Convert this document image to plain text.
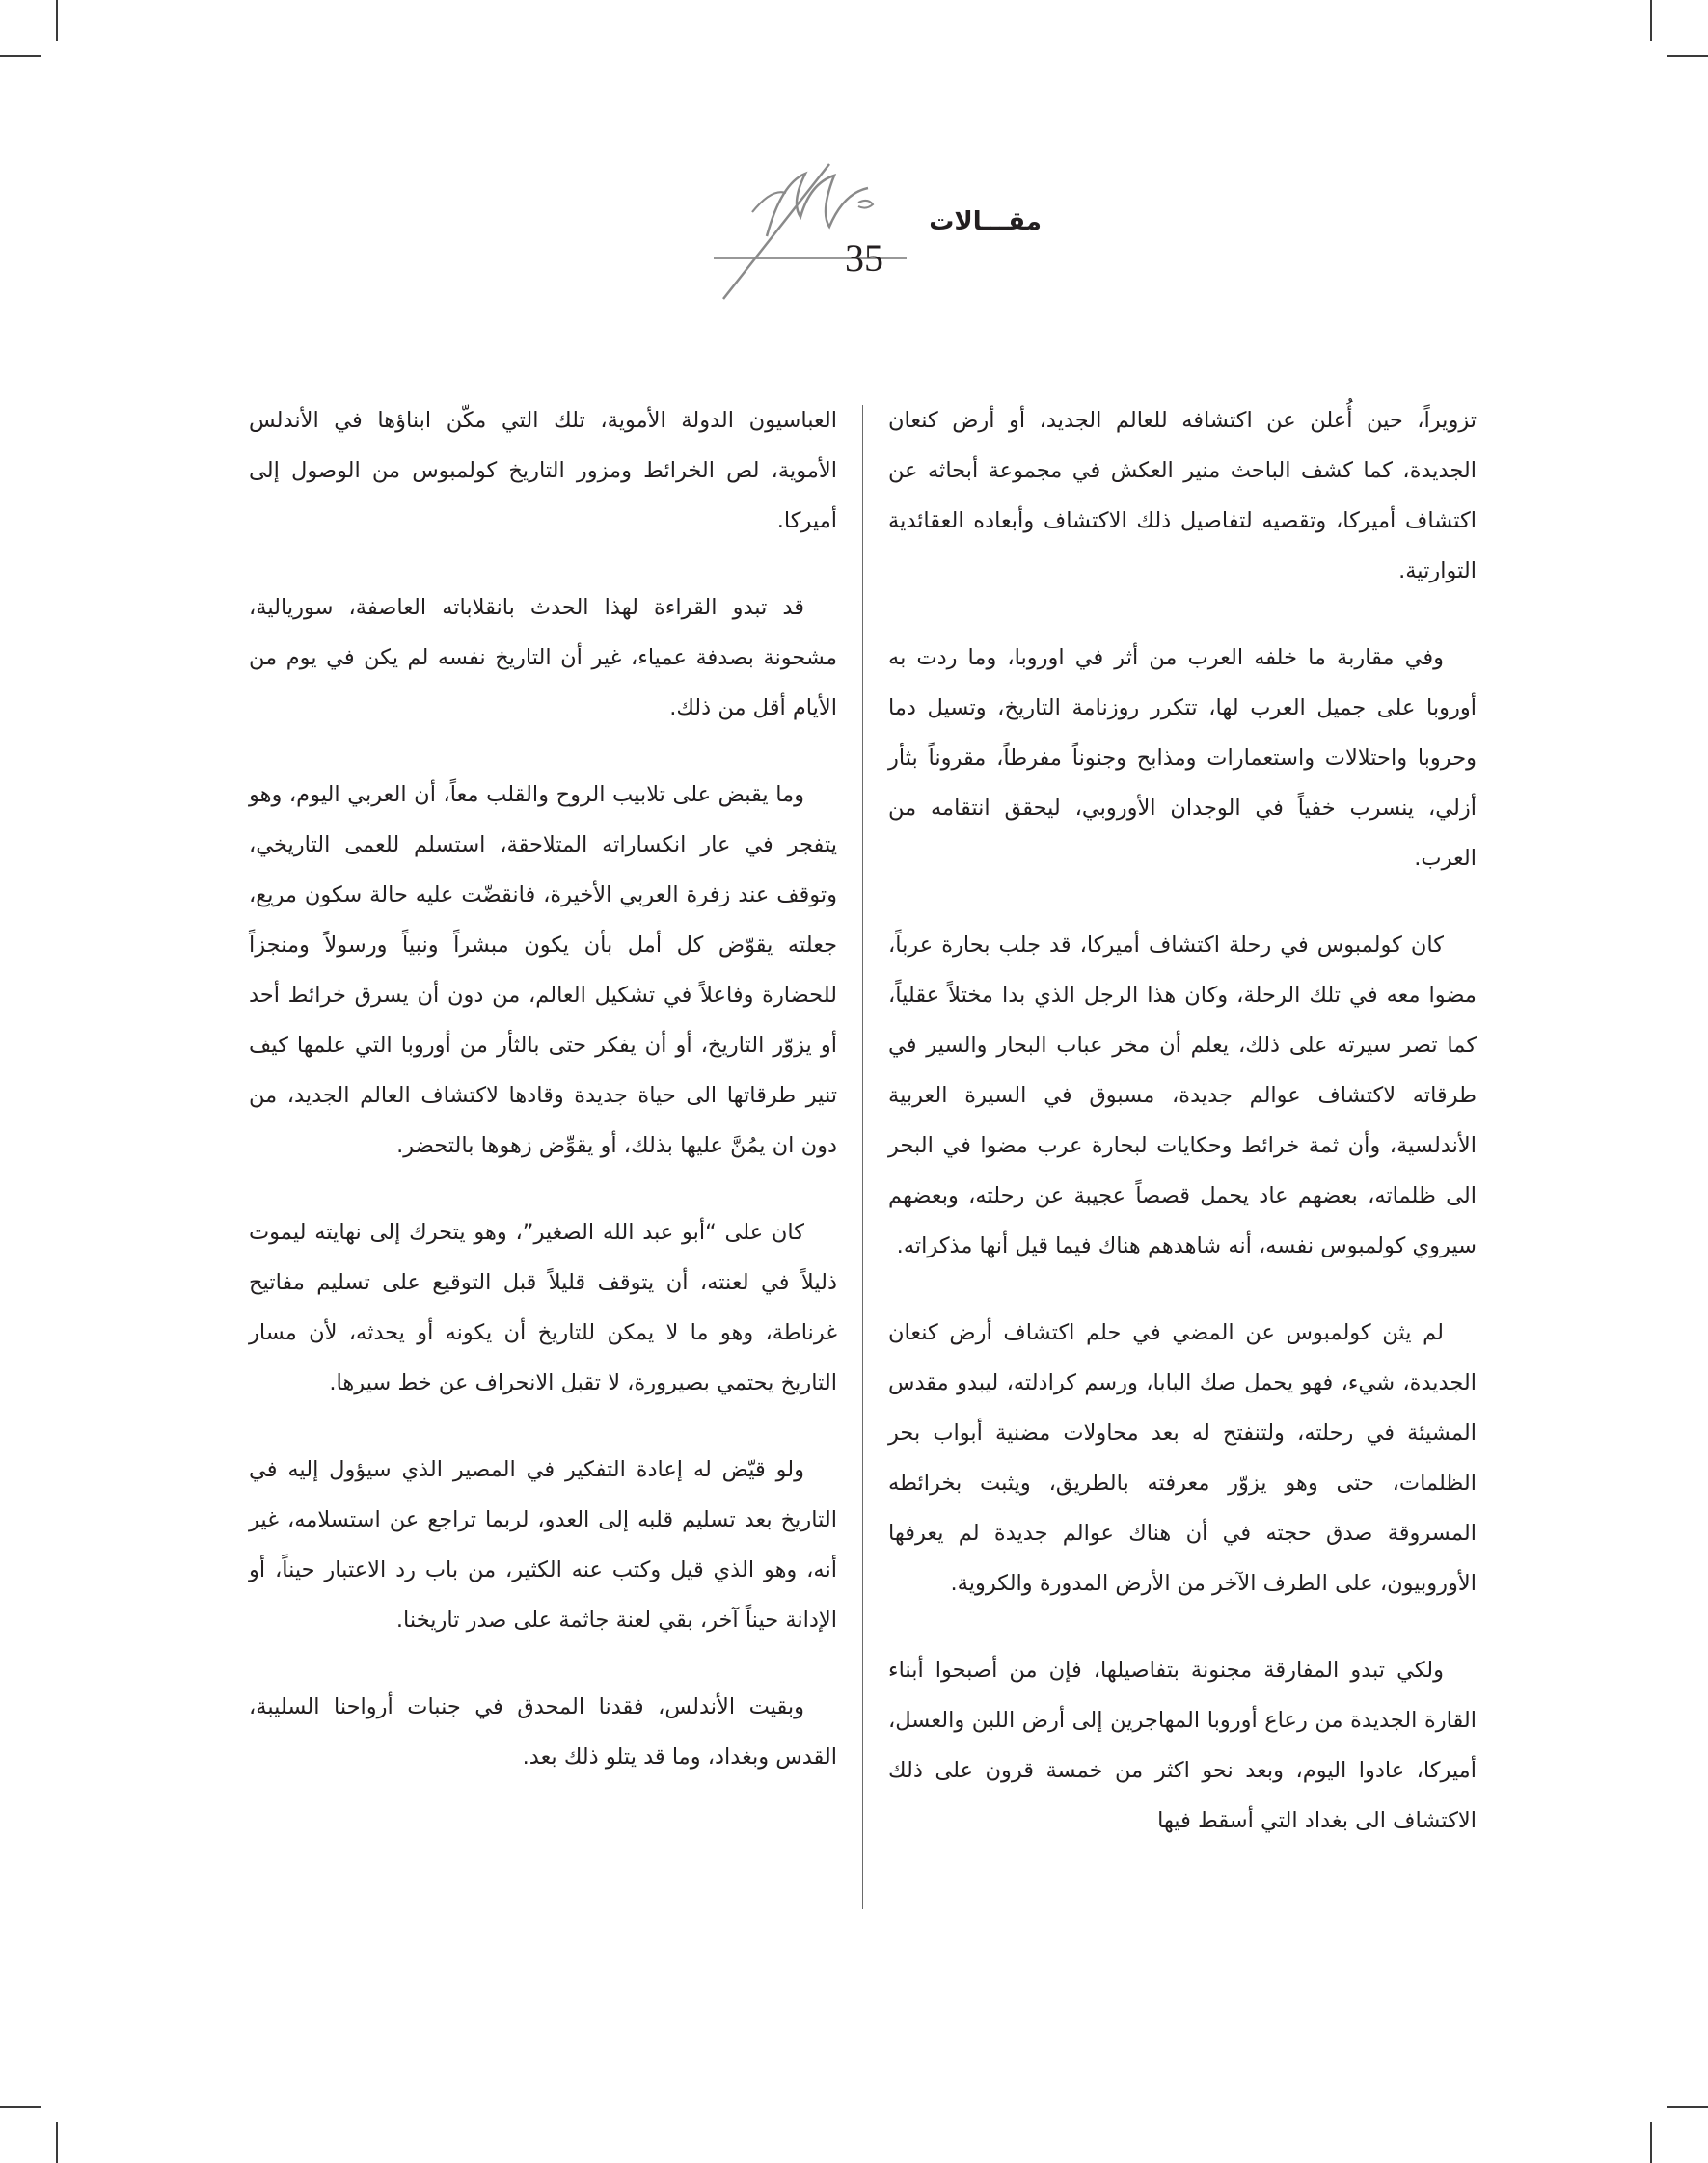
مقـــالات
35

تزويراً، حين أُعلن عن اكتشافه للعالم الجديد، أو أرض كنعان الجديدة، كما كشف الباحث منير العكش في مجموعة أبحاثه عن اكتشاف أميركا، وتقصيه لتفاصيل ذلك الاكتشاف وأبعاده العقائدية التوارتية.

وفي مقاربة ما خلفه العرب من أثر في اوروبا، وما ردت به أوروبا على جميل العرب لها، تتكرر روزنامة التاريخ، وتسيل دما وحروبا واحتلالات واستعمارات ومذابح وجنوناً مفرطاً، مقروناً بثأر أزلي، ينسرب خفياً في الوجدان الأوروبي، ليحقق انتقامه من العرب.

كان كولمبوس في رحلة اكتشاف أميركا، قد جلب بحارة عرباً، مضوا معه في تلك الرحلة، وكان هذا الرجل الذي بدا مختلاً عقلياً، كما تصر سيرته على ذلك، يعلم أن مخر عباب البحار والسير في طرقاته لاكتشاف عوالم جديدة، مسبوق في السيرة العربية الأندلسية، وأن ثمة خرائط وحكايات لبحارة عرب مضوا في البحر الى ظلماته، بعضهم عاد يحمل قصصاً عجيبة عن رحلته، وبعضهم سيروي كولمبوس نفسه، أنه شاهدهم هناك فيما قيل أنها مذكراته.

لم يثن كولمبوس عن المضي في حلم اكتشاف أرض كنعان الجديدة، شيء، فهو يحمل صك البابا، ورسم كرادلته، ليبدو مقدس المشيئة في رحلته، ولتنفتح له بعد محاولات مضنية أبواب بحر الظلمات، حتى وهو يزوّر معرفته بالطريق، ويثبت بخرائطه المسروقة صدق حجته في أن هناك عوالم جديدة لم يعرفها الأوروبيون، على الطرف الآخر من الأرض المدورة والكروية.

ولكي تبدو المفارقة مجنونة بتفاصيلها، فإن من أصبحوا أبناء القارة الجديدة من رعاع أوروبا المهاجرين إلى أرض اللبن والعسل، أميركا، عادوا اليوم، وبعد نحو اكثر من خمسة قرون على ذلك الاكتشاف الى بغداد التي أسقط فيها

العباسيون الدولة الأموية، تلك التي مكّن ابناؤها في الأندلس الأموية، لص الخرائط ومزور التاريخ كولمبوس من الوصول إلى أميركا.

قد تبدو القراءة لهذا الحدث بانقلاباته العاصفة، سوريالية، مشحونة بصدفة عمياء، غير أن التاريخ نفسه لم يكن في يوم من الأيام أقل من ذلك.

وما يقبض على تلابيب الروح والقلب معاً، أن العربي اليوم، وهو يتفجر في عار انكساراته المتلاحقة، استسلم للعمى التاريخي، وتوقف عند زفرة العربي الأخيرة، فانقضّت عليه حالة سكون مريع، جعلته يقوّض كل أمل بأن يكون مبشراً ونبياً ورسولاً ومنجزاً للحضارة وفاعلاً في تشكيل العالم، من دون أن يسرق خرائط أحد أو يزوّر التاريخ، أو أن يفكر حتى بالثأر من أوروبا التي علمها كيف تنير طرقاتها الى حياة جديدة وقادها لاكتشاف العالم الجديد، من دون ان يمُنَّ عليها بذلك، أو يقوِّض زهوها بالتحضر.

كان على “أبو عبد الله الصغير”، وهو يتحرك إلى نهايته ليموت ذليلاً في لعنته، أن يتوقف قليلاً قبل التوقيع على تسليم مفاتيح غرناطة، وهو ما لا يمكن للتاريخ أن يكونه أو يحدثه، لأن مسار التاريخ يحتمي بصيرورة، لا تقبل الانحراف عن خط سيرها.

ولو قيّض له إعادة التفكير في المصير الذي سيؤول إليه في التاريخ بعد تسليم قلبه إلى العدو، لربما تراجع عن استسلامه، غير أنه، وهو الذي قيل وكتب عنه الكثير، من باب رد الاعتبار حيناً، أو الإدانة حيناً آخر، بقي لعنة جاثمة على صدر تاريخنا.

وبقيت الأندلس، فقدنا المحدق في جنبات أرواحنا السليبة، القدس وبغداد، وما قد يتلو ذلك بعد.
